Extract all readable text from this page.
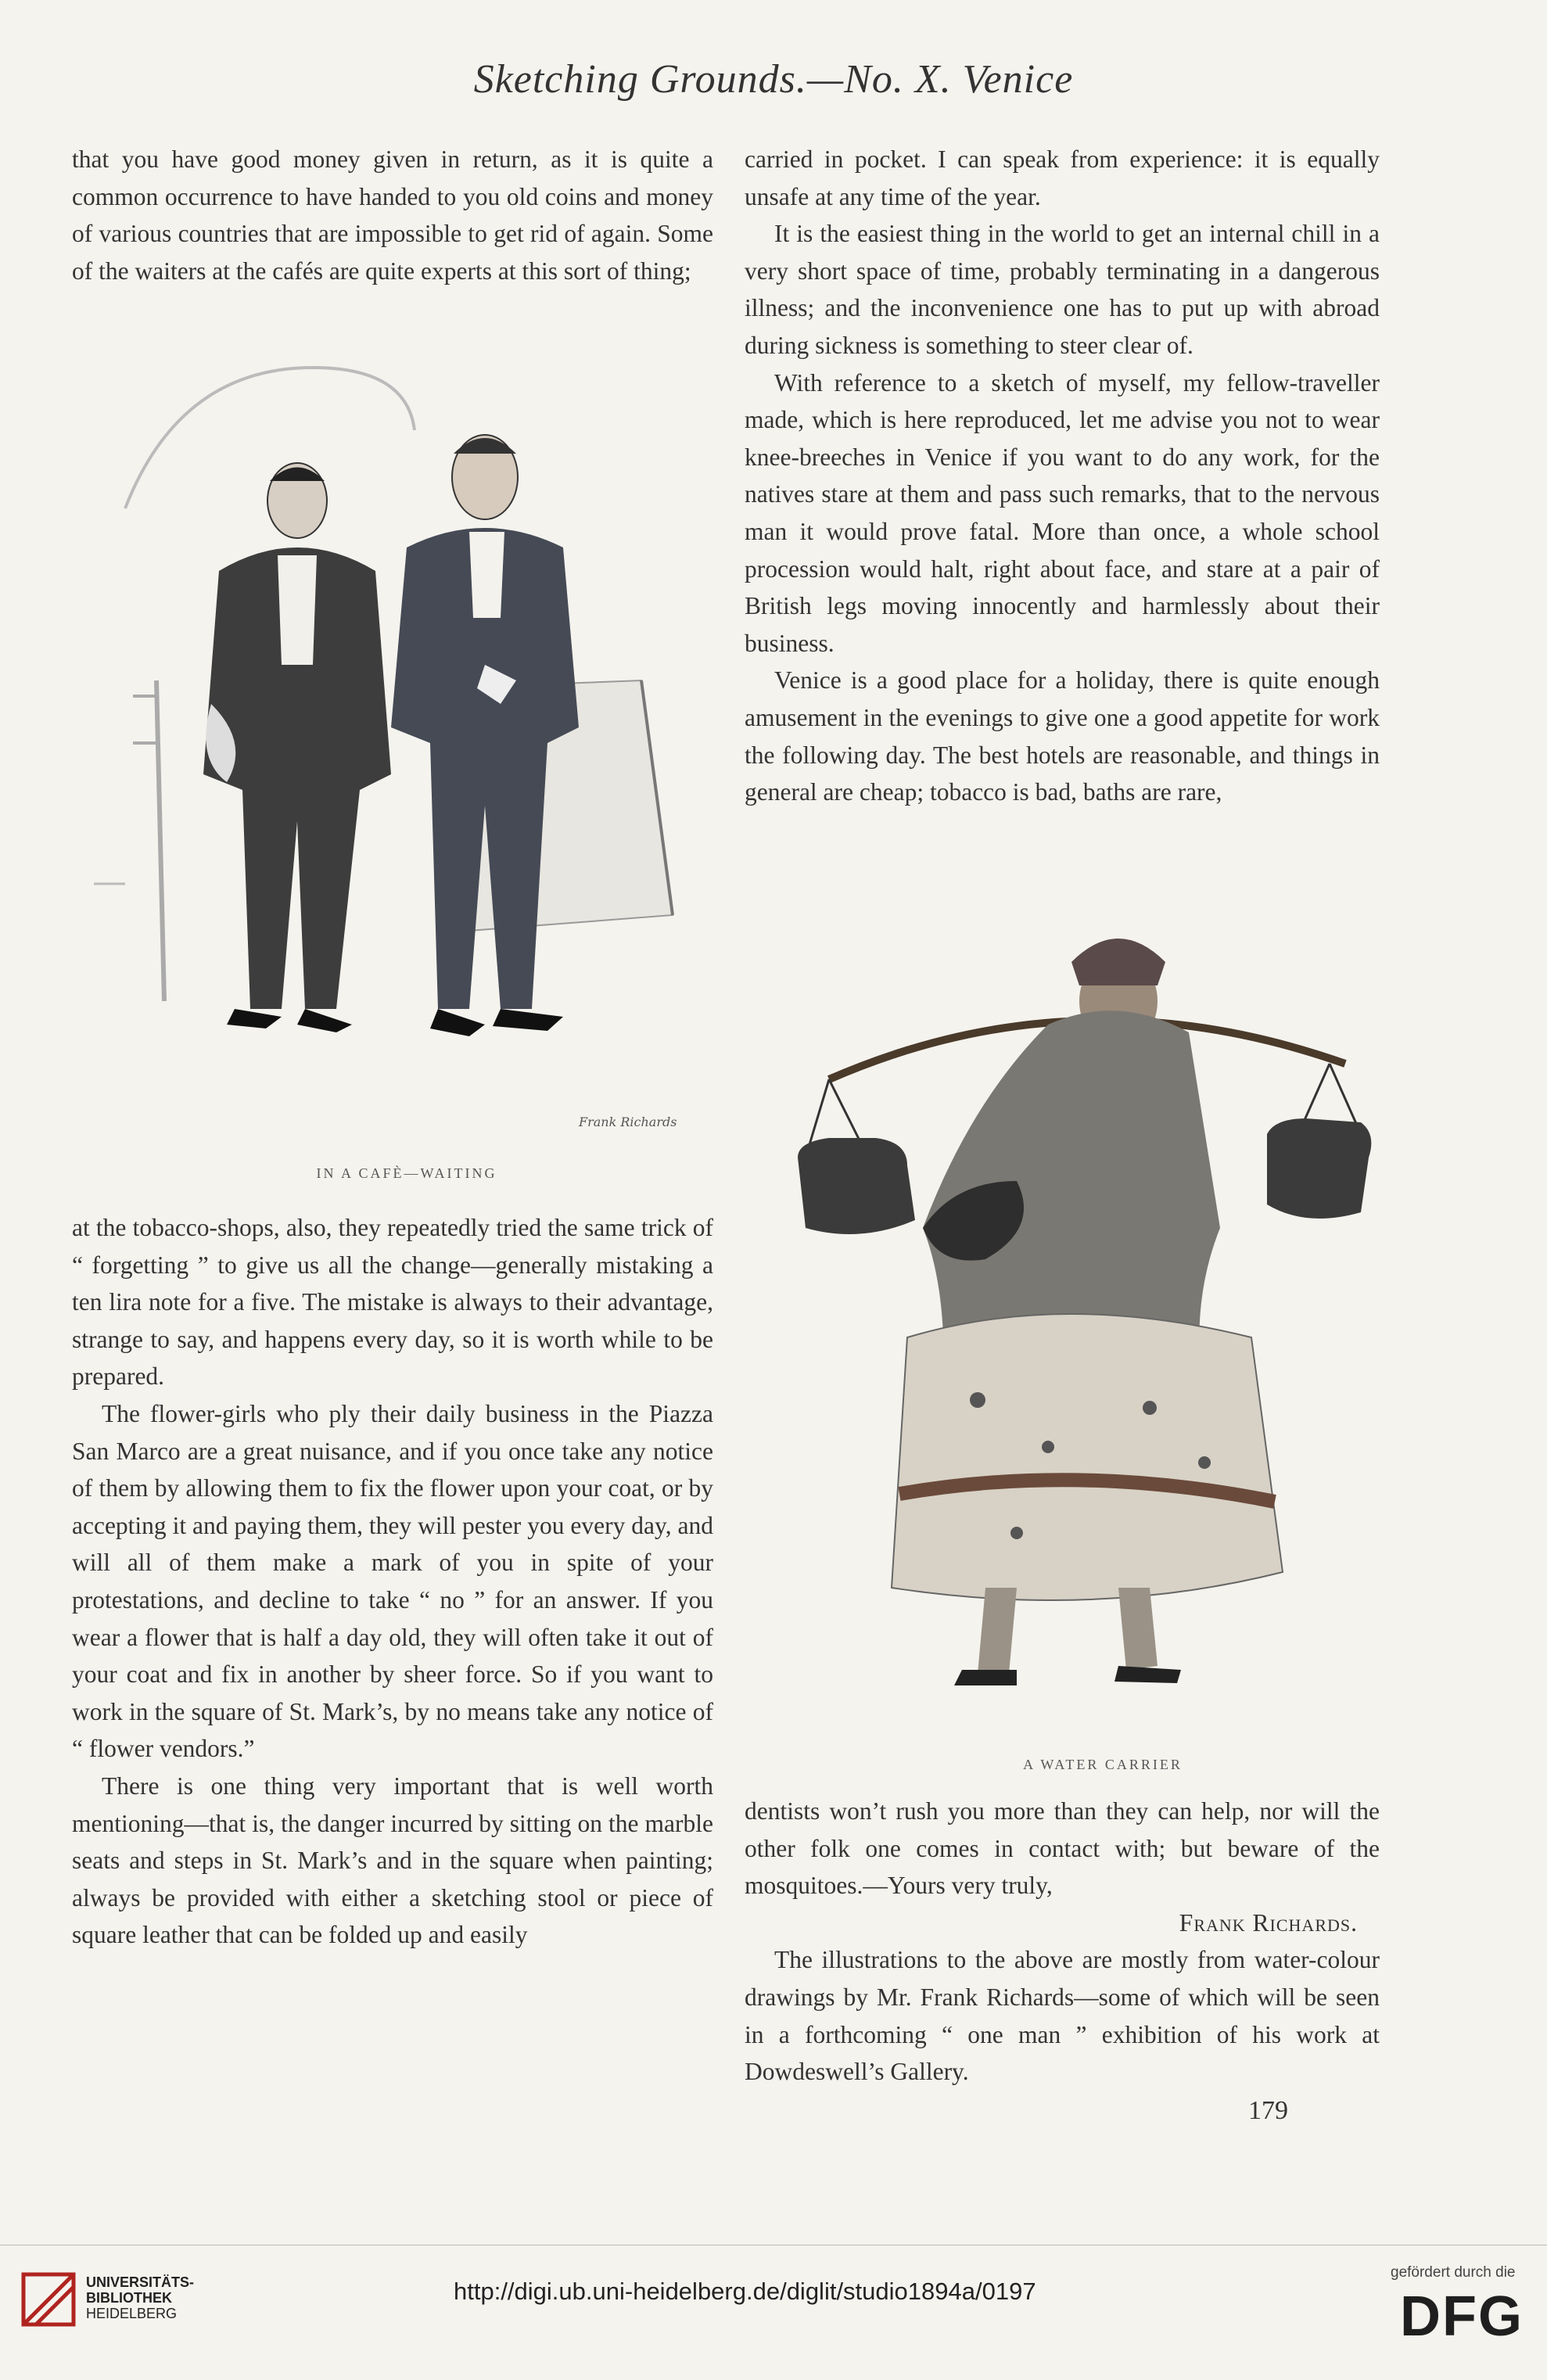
Sketching Grounds.—No. X. Venice

that you have good money given in return, as it is quite a common occurrence to have handed to you old coins and money of various countries that are impossible to get rid of again. Some of the waiters at the cafés are quite experts at this sort of thing;

Frank Richards
IN A CAFÈ—WAITING

at the tobacco-shops, also, they repeatedly tried the same trick of “ forgetting ” to give us all the change—generally mistaking a ten lira note for a five. The mistake is always to their advantage, strange to say, and happens every day, so it is worth while to be prepared.

The flower-girls who ply their daily business in the Piazza San Marco are a great nuisance, and if you once take any notice of them by allowing them to fix the flower upon your coat, or by accepting it and paying them, they will pester you every day, and will all of them make a mark of you in spite of your protestations, and decline to take “ no ” for an answer. If you wear a flower that is half a day old, they will often take it out of your coat and fix in another by sheer force. So if you want to work in the square of St. Mark’s, by no means take any notice of “ flower vendors.”

There is one thing very important that is well worth mentioning—that is, the danger incurred by sitting on the marble seats and steps in St. Mark’s and in the square when painting; always be provided with either a sketching stool or piece of square leather that can be folded up and easily

carried in pocket. I can speak from experience: it is equally unsafe at any time of the year.

It is the easiest thing in the world to get an internal chill in a very short space of time, probably terminating in a dangerous illness; and the inconvenience one has to put up with abroad during sickness is something to steer clear of.

With reference to a sketch of myself, my fellow-traveller made, which is here reproduced, let me advise you not to wear knee-breeches in Venice if you want to do any work, for the natives stare at them and pass such remarks, that to the nervous man it would prove fatal. More than once, a whole school procession would halt, right about face, and stare at a pair of British legs moving innocently and harmlessly about their business.

Venice is a good place for a holiday, there is quite enough amusement in the evenings to give one a good appetite for work the following day. The best hotels are reasonable, and things in general are cheap; tobacco is bad, baths are rare,

A WATER CARRIER

dentists won’t rush you more than they can help, nor will the other folk one comes in contact with; but beware of the mosquitoes.—Yours very truly,

Frank Richards.

The illustrations to the above are mostly from water-colour drawings by Mr. Frank Richards—some of which will be seen in a forthcoming “ one man ” exhibition of his work at Dowdeswell’s Gallery.

179
UNIVERSITÄTS-
BIBLIOTHEK
HEIDELBERG
http://digi.ub.uni-heidelberg.de/diglit/studio1894a/0197
gefördert durch die
DFG
